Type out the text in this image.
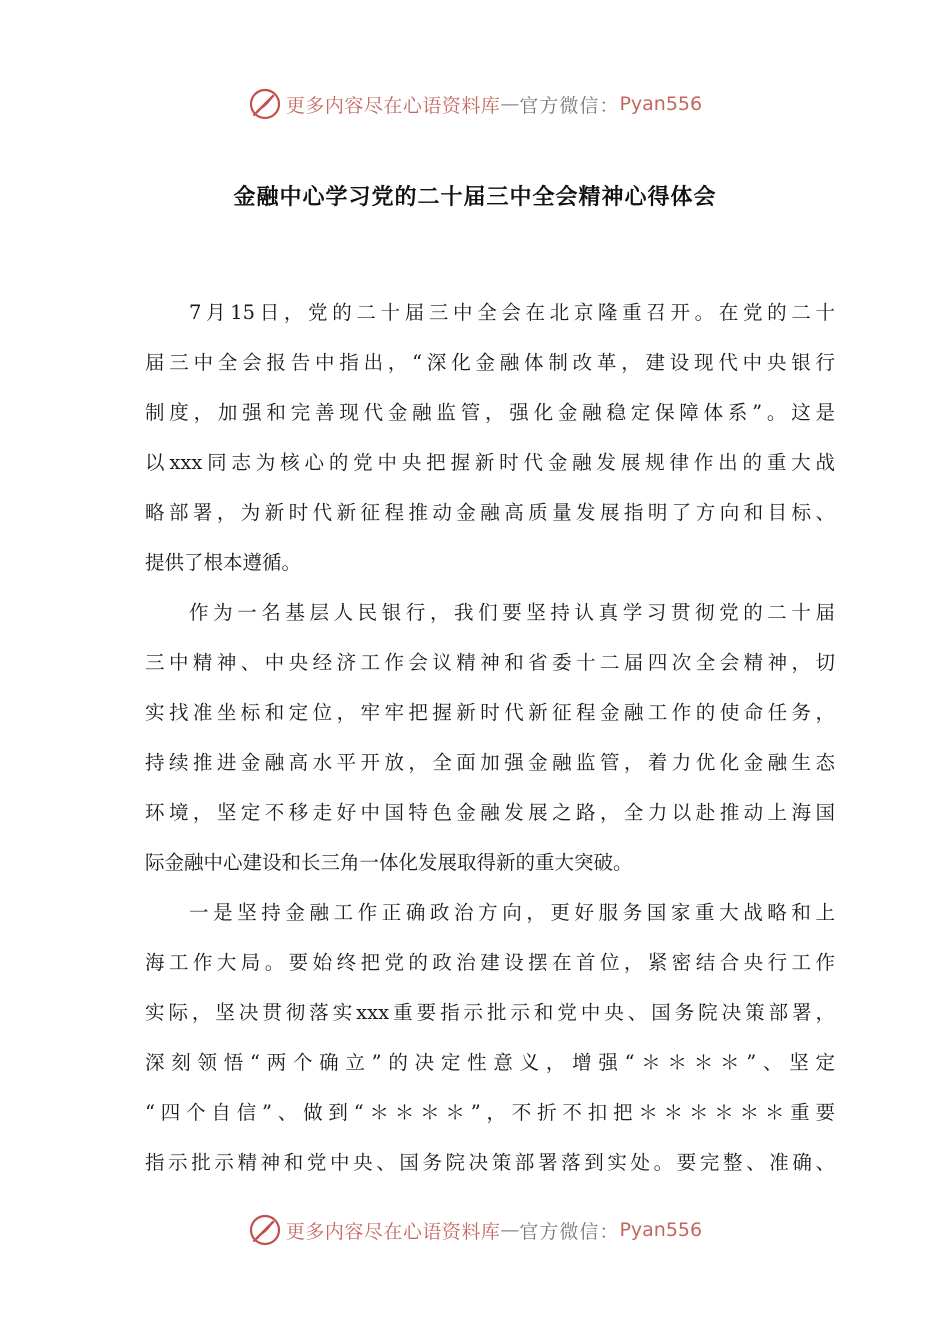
更多内容尽在心语资料库 — 官方微信： Pyan556
金融中心学习党的二十届三中全会精神心得体会
7月15日，党的二十届三中全会在北京隆重召开。在党的二十
届三中全会报告中指出，“深化金融体制改革，建设现代中央银行
制度，加强和完善现代金融监管，强化金融稳定保障体系”。这是
以xxx同志为核心的党中央把握新时代金融发展规律作出的重大战
略部署，为新时代新征程推动金融高质量发展指明了方向和目标、
提供了根本遵循。
作为一名基层人民银行，我们要坚持认真学习贯彻党的二十届
三中精神、中央经济工作会议精神和省委十二届四次全会精神，切
实找准坐标和定位，牢牢把握新时代新征程金融工作的使命任务，
持续推进金融高水平开放，全面加强金融监管，着力优化金融生态
环境，坚定不移走好中国特色金融发展之路，全力以赴推动上海国
际金融中心建设和长三角一体化发展取得新的重大突破。
一是坚持金融工作正确政治方向，更好服务国家重大战略和上
海工作大局。要始终把党的政治建设摆在首位，紧密结合央行工作
实际，坚决贯彻落实xxx重要指示批示和党中央、国务院决策部署，
深刻领悟“两个确立”的决定性意义，增强“＊＊＊＊”、坚定
“四个自信”、做到“＊＊＊＊”，不折不扣把＊＊＊＊＊＊重要
指示批示精神和党中央、国务院决策部署落到实处。要完整、准确、
更多内容尽在心语资料库 — 官方微信： Pyan556
